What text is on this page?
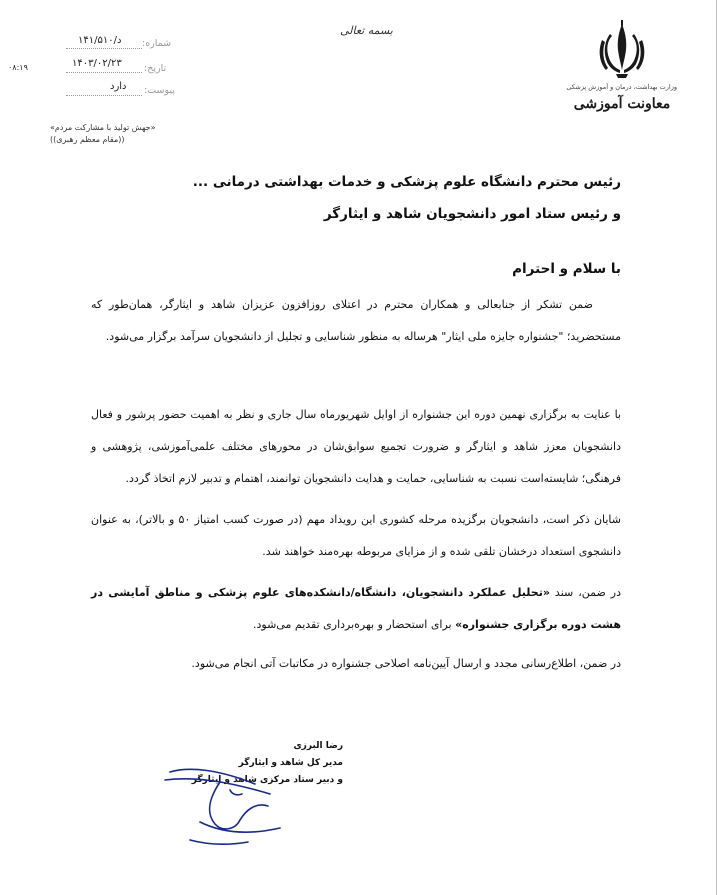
وزارت بهداشت، درمان و آموزش پزشکی
معاونت آموزشی
بسمه تعالی
شماره:
۱۴۱/۵۱۰/د
تاریخ:
۱۴۰۳/۰۲/۲۳
پیوست:
دارد
۰۸:۱۹
«جهش تولید با مشارکت مردم»
((مقام معظم رهبری))
رئیس محترم دانشگاه علوم پزشکی و خدمات بهداشتی درمانی ...
و رئیس ستاد امور دانشجویان شاهد و ایثارگر
با سلام و احترام

ضمن تشکر از جنابعالی و همکاران محترم در اعتلای روزافزون عزیزان شاهد و ایثارگر، همان‌طور که مستحضرید؛ "جشنواره جایزه ملی ایثار" هرساله به منظور شناسایی و تجلیل از دانشجویان سرآمد برگزار می‌شود.

با عنایت به برگزاری نهمین دوره این جشنواره از اوایل شهریورماه سال جاری و نظر به اهمیت حضور پرشور و فعال دانشجویان معزز شاهد و ایثارگر و ضرورت تجمیع سوابق‌شان در محورهای مختلف علمی‌آموزشی، پژوهشی و فرهنگی؛ شایسته‌است نسبت به شناسایی، حمایت و هدایت دانشجویان توانمند، اهتمام و تدبیر لازم اتخاذ گردد.

شایان ذکر است، دانشجویان برگزیده مرحله کشوری این رویداد مهم (در صورت کسب امتیاز ۵۰ و بالاتر)، به عنوان دانشجوی استعداد درخشان تلقی شده و از مزایای مربوطه بهره‌مند خواهند شد.

در ضمن، سند «تحلیل عملکرد دانشجویان، دانشگاه/دانشکده‌های علوم پزشکی و مناطق آمایشی در هشت دوره برگزاری جشنواره» برای استحضار و بهره‌برداری تقدیم می‌شود.

در ضمن، اطلاع‌رسانی مجدد و ارسال آیین‌نامه اصلاحی جشنواره در مکاتبات آتی انجام می‌شود.

رضا البرزی
مدیر کل شاهد و ایثارگر
و دبیر ستاد مرکزی شاهد و ایثارگر
